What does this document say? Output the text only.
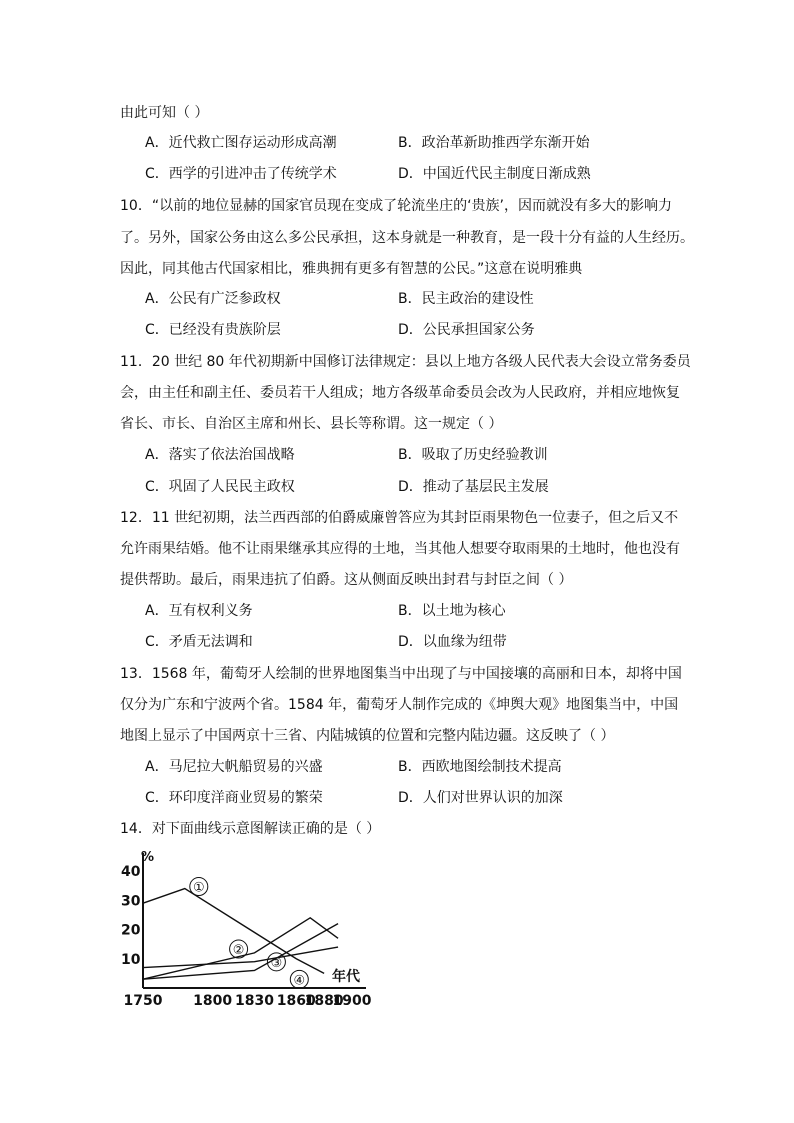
由此可知（ ）
A．近代救亡图存运动形成高潮	B．政治革新助推西学东渐开始
C．西学的引进冲击了传统学术	D．中国近代民主制度日渐成熟
10．“以前的地位显赫的国家官员现在变成了轮流坐庄的‘贵族’，因而就没有多大的影响力
了。另外，国家公务由这么多公民承担，这本身就是一种教育，是一段十分有益的人生经历。
因此，同其他古代国家相比，雅典拥有更多有智慧的公民。”这意在说明雅典
A．公民有广泛参政权	B．民主政治的建设性
C．已经没有贵族阶层	D．公民承担国家公务
11．20 世纪 80 年代初期新中国修订法律规定：县以上地方各级人民代表大会设立常务委员
会，由主任和副主任、委员若干人组成；地方各级革命委员会改为人民政府，并相应地恢复
省长、市长、自治区主席和州长、县长等称谓。这一规定（ ）
A．落实了依法治国战略	B．吸取了历史经验教训
C．巩固了人民民主政权	D．推动了基层民主发展
12．11 世纪初期，法兰西西部的伯爵威廉曾答应为其封臣雨果物色一位妻子，但之后又不
允许雨果结婚。他不让雨果继承其应得的土地，当其他人想要夺取雨果的土地时，他也没有
提供帮助。最后，雨果违抗了伯爵。这从侧面反映出封君与封臣之间（ ）
A．互有权利义务	B．以土地为核心
C．矛盾无法调和	D．以血缘为纽带
13．1568 年，葡萄牙人绘制的世界地图集当中出现了与中国接壤的高丽和日本，却将中国
仅分为广东和宁波两个省。1584 年，葡萄牙人制作完成的《坤舆大观》地图集当中，中国
地图上显示了中国两京十三省、内陆城镇的位置和完整内陆边疆。这反映了（ ）
A．马尼拉大帆船贸易的兴盛	B．西欧地图绘制技术提高
C．环印度洋商业贸易的繁荣	D．人们对世界认识的加深
14．对下面曲线示意图解读正确的是（ ）
%
10
20
30
40
1750 1800 1830 1860
1880
1900
年代
①
②
③
④
